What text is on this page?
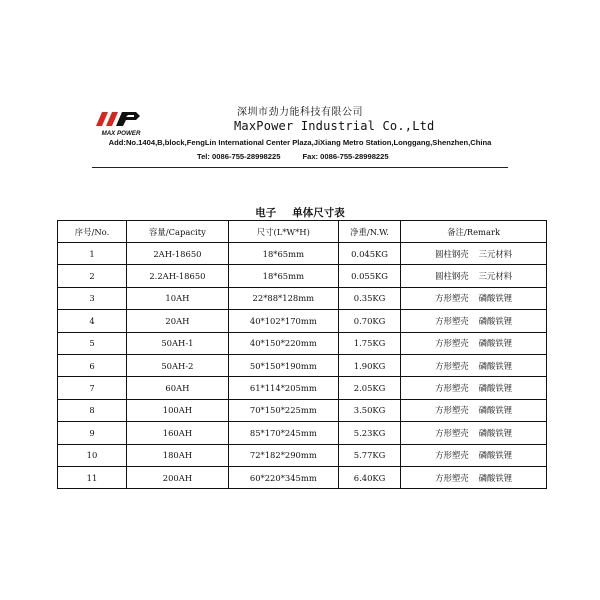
MAX POWER
深圳市劲力能科技有限公司
MaxPower Industrial Co.,Ltd
Add:No.1404,B,block,FengLin International Center Plaza,JiXiang Metro Station,Longgang,Shenzhen,China
Tel: 0086-755-28998225	Fax: 0086-755-28998225
电子 单体尺寸表
序号/No.	容量/Capacity	尺寸(L*W*H)	净重/N.W.	备注/Remark
1	2AH-18650	18*65mm	0.045KG	圆柱钢壳 三元材料
2	2.2AH-18650	18*65mm	0.055KG	圆柱钢壳 三元材料
3	10AH	22*88*128mm	0.35KG	方形塑壳 磷酸铁锂
4	20AH	40*102*170mm	0.70KG	方形塑壳 磷酸铁锂
5	50AH-1	40*150*220mm	1.75KG	方形塑壳 磷酸铁锂
6	50AH-2	50*150*190mm	1.90KG	方形塑壳 磷酸铁锂
7	60AH	61*114*205mm	2.05KG	方形塑壳 磷酸铁锂
8	100AH	70*150*225mm	3.50KG	方形塑壳 磷酸铁锂
9	160AH	85*170*245mm	5.23KG	方形塑壳 磷酸铁锂
10	180AH	72*182*290mm	5.77KG	方形塑壳 磷酸铁锂
11	200AH	60*220*345mm	6.40KG	方形塑壳 磷酸铁锂
